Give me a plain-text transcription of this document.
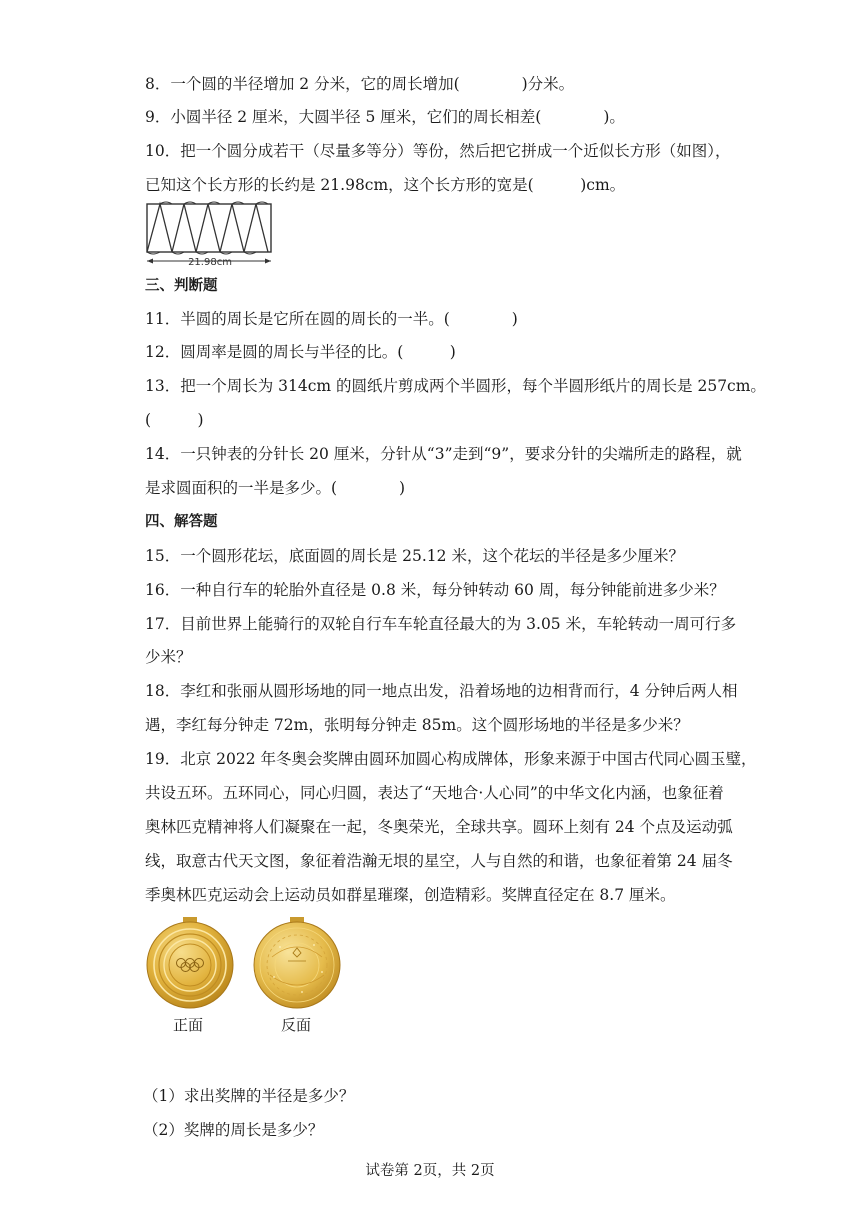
8．一个圆的半径增加 2 分米，它的周长增加(　　　　)分米。
9．小圆半径 2 厘米，大圆半径 5 厘米，它们的周长相差(　　　　)。
10．把一个圆分成若干（尽量多等分）等份，然后把它拼成一个近似长方形（如图），
已知这个长方形的长约是 21.98cm，这个长方形的宽是(　　　)cm。
21.98cm
三、判断题
11．半圆的周长是它所在圆的周长的一半。(　　　　)
12．圆周率是圆的周长与半径的比。(　　　)
13．把一个周长为 314cm 的圆纸片剪成两个半圆形，每个半圆形纸片的周长是 257cm。
(　　　)
14．一只钟表的分针长 20 厘米，分针从“3”走到“9”，要求分针的尖端所走的路程，就
是求圆面积的一半是多少。(　　　　)
四、解答题
15．一个圆形花坛，底面圆的周长是 25.12 米，这个花坛的半径是多少厘米？
16．一种自行车的轮胎外直径是 0.8 米，每分钟转动 60 周，每分钟能前进多少米？
17．目前世界上能骑行的双轮自行车车轮直径最大的为 3.05 米，车轮转动一周可行多
少米？
18．李红和张丽从圆形场地的同一地点出发，沿着场地的边相背而行，4 分钟后两人相
遇，李红每分钟走 72m，张明每分钟走 85m。这个圆形场地的半径是多少米？
19．北京 2022 年冬奥会奖牌由圆环加圆心构成牌体，形象来源于中国古代同心圆玉璧，
共设五环。五环同心，同心归圆，表达了“天地合·人心同”的中华文化内涵，也象征着
奥林匹克精神将人们凝聚在一起，冬奥荣光，全球共享。圆环上刻有 24 个点及运动弧
线，取意古代天文图，象征着浩瀚无垠的星空，人与自然的和谐，也象征着第 24 届冬
季奥林匹克运动会上运动员如群星璀璨，创造精彩。奖牌直径定在 8.7 厘米。
正面	反面
（1）求出奖牌的半径是多少？
（2）奖牌的周长是多少？
试卷第 2页，共 2页
